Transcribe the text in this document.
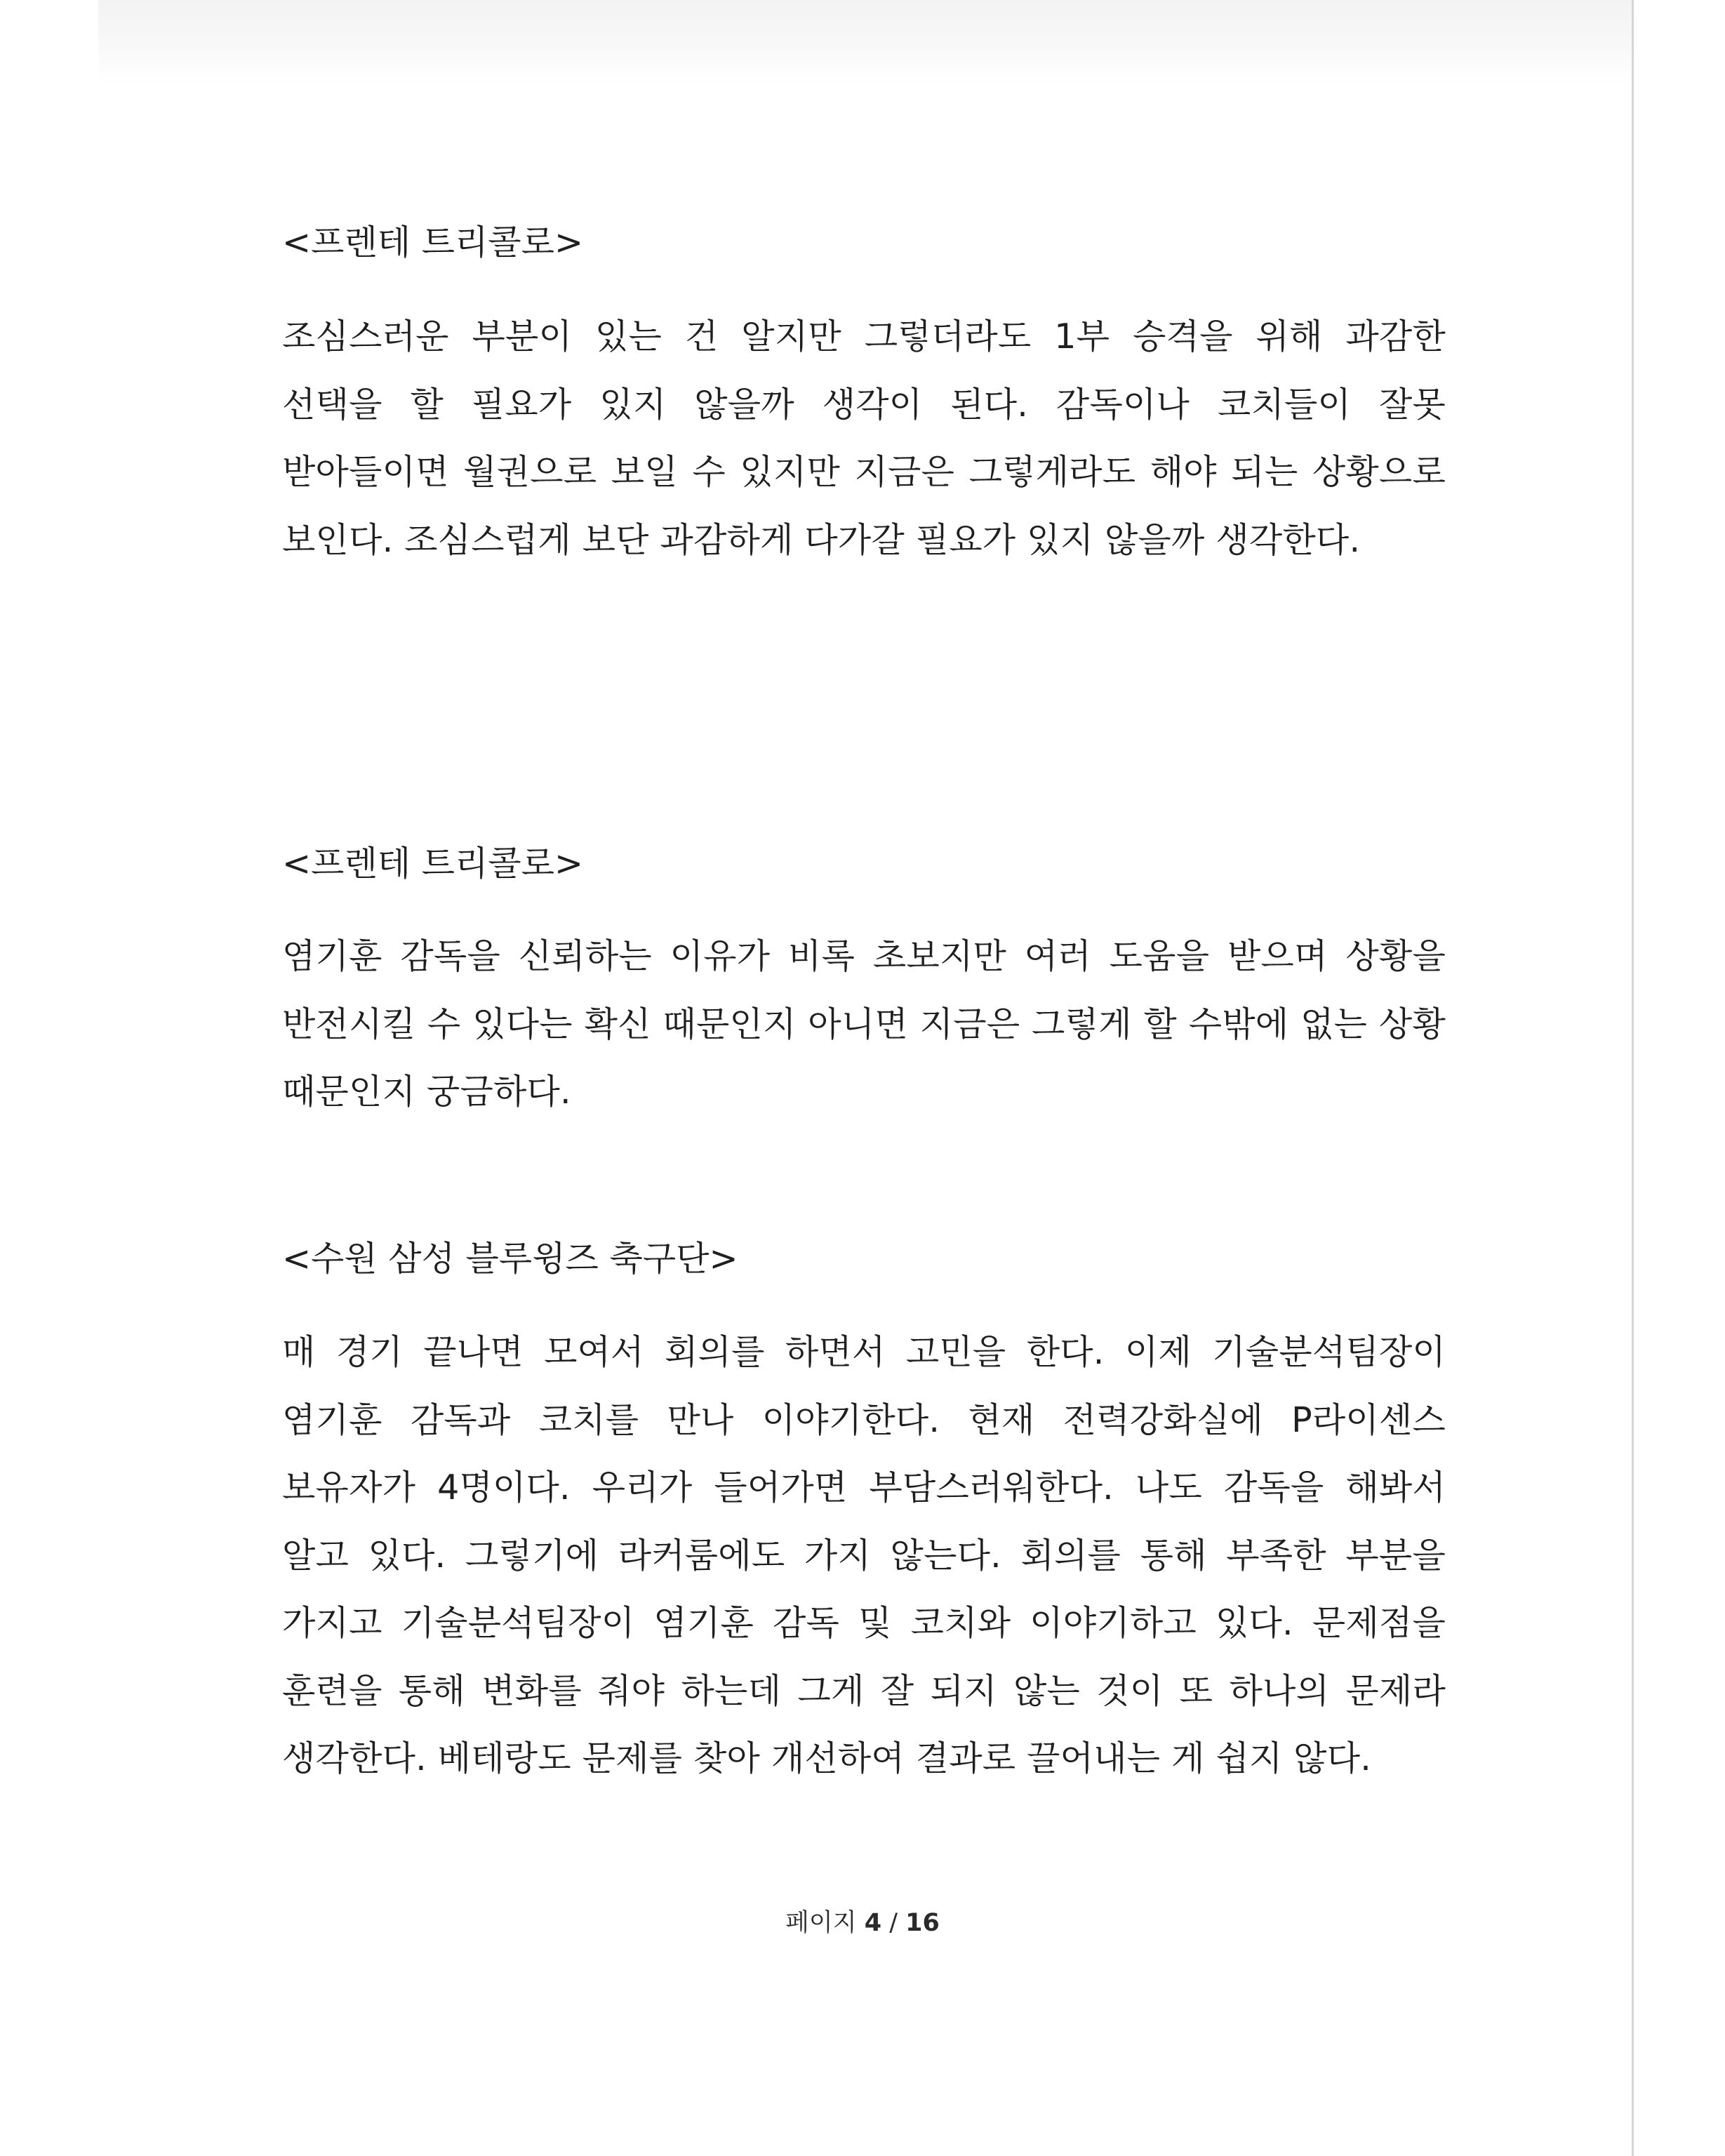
<프렌테 트리콜로>

조심스러운 부분이 있는 건 알지만 그렇더라도 1부 승격을 위해 과감한 선택을 할 필요가 있지 않을까 생각이 된다. 감독이나 코치들이 잘못 받아들이면 월권으로 보일 수 있지만 지금은 그렇게라도 해야 되는 상황으로 보인다. 조심스럽게 보단 과감하게 다가갈 필요가 있지 않을까 생각한다.

<프렌테 트리콜로>

염기훈 감독을 신뢰하는 이유가 비록 초보지만 여러 도움을 받으며 상황을 반전시킬 수 있다는 확신 때문인지 아니면 지금은 그렇게 할 수밖에 없는 상황 때문인지 궁금하다.

<수원 삼성 블루윙즈 축구단>

매 경기 끝나면 모여서 회의를 하면서 고민을 한다. 이제 기술분석팀장이 염기훈 감독과 코치를 만나 이야기한다. 현재 전력강화실에 P라이센스 보유자가 4명이다. 우리가 들어가면 부담스러워한다. 나도 감독을 해봐서 알고 있다. 그렇기에 라커룸에도 가지 않는다. 회의를 통해 부족한 부분을 가지고 기술분석팀장이 염기훈 감독 및 코치와 이야기하고 있다. 문제점을 훈련을 통해 변화를 줘야 하는데 그게 잘 되지 않는 것이 또 하나의 문제라 생각한다. 베테랑도 문제를 찾아 개선하여 결과로 끌어내는 게 쉽지 않다.

페이지 4 / 16
